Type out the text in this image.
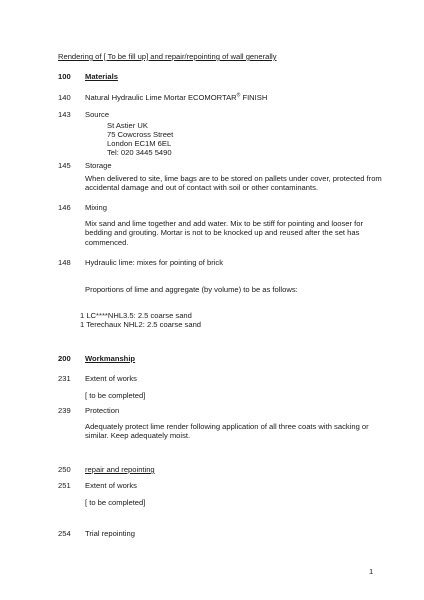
Rendering of [ To be fill up] and repair/repointing of wall generally
100 Materials
140 Natural Hydraulic Lime Mortar ECOMORTAR® FINISH
143 Source
St Astier UK
75 Cowcross Street
London EC1M 6EL
Tel: 020 3445 5490
145 Storage
When delivered to site, lime bags are to be stored on pallets under cover, protected from accidental damage and out of contact with soil or other contaminants.
146 Mixing
Mix sand and lime together and add water. Mix to be stiff for pointing and looser for bedding and grouting. Mortar is not to be knocked up and reused after the set has commenced.
148 Hydraulic lime: mixes for pointing of brick
Proportions of lime and aggregate (by volume) to be as follows:
1 LC****NHL3.5: 2.5 coarse sand
1 Terechaux NHL2: 2.5 coarse sand
200 Workmanship
231 Extent of works
[ to be completed]
239 Protection
Adequately protect lime render following application of all three coats with sacking or similar. Keep adequately moist.
250 repair and repointing
251 Extent of works
[ to be completed]
254 Trial repointing
1
